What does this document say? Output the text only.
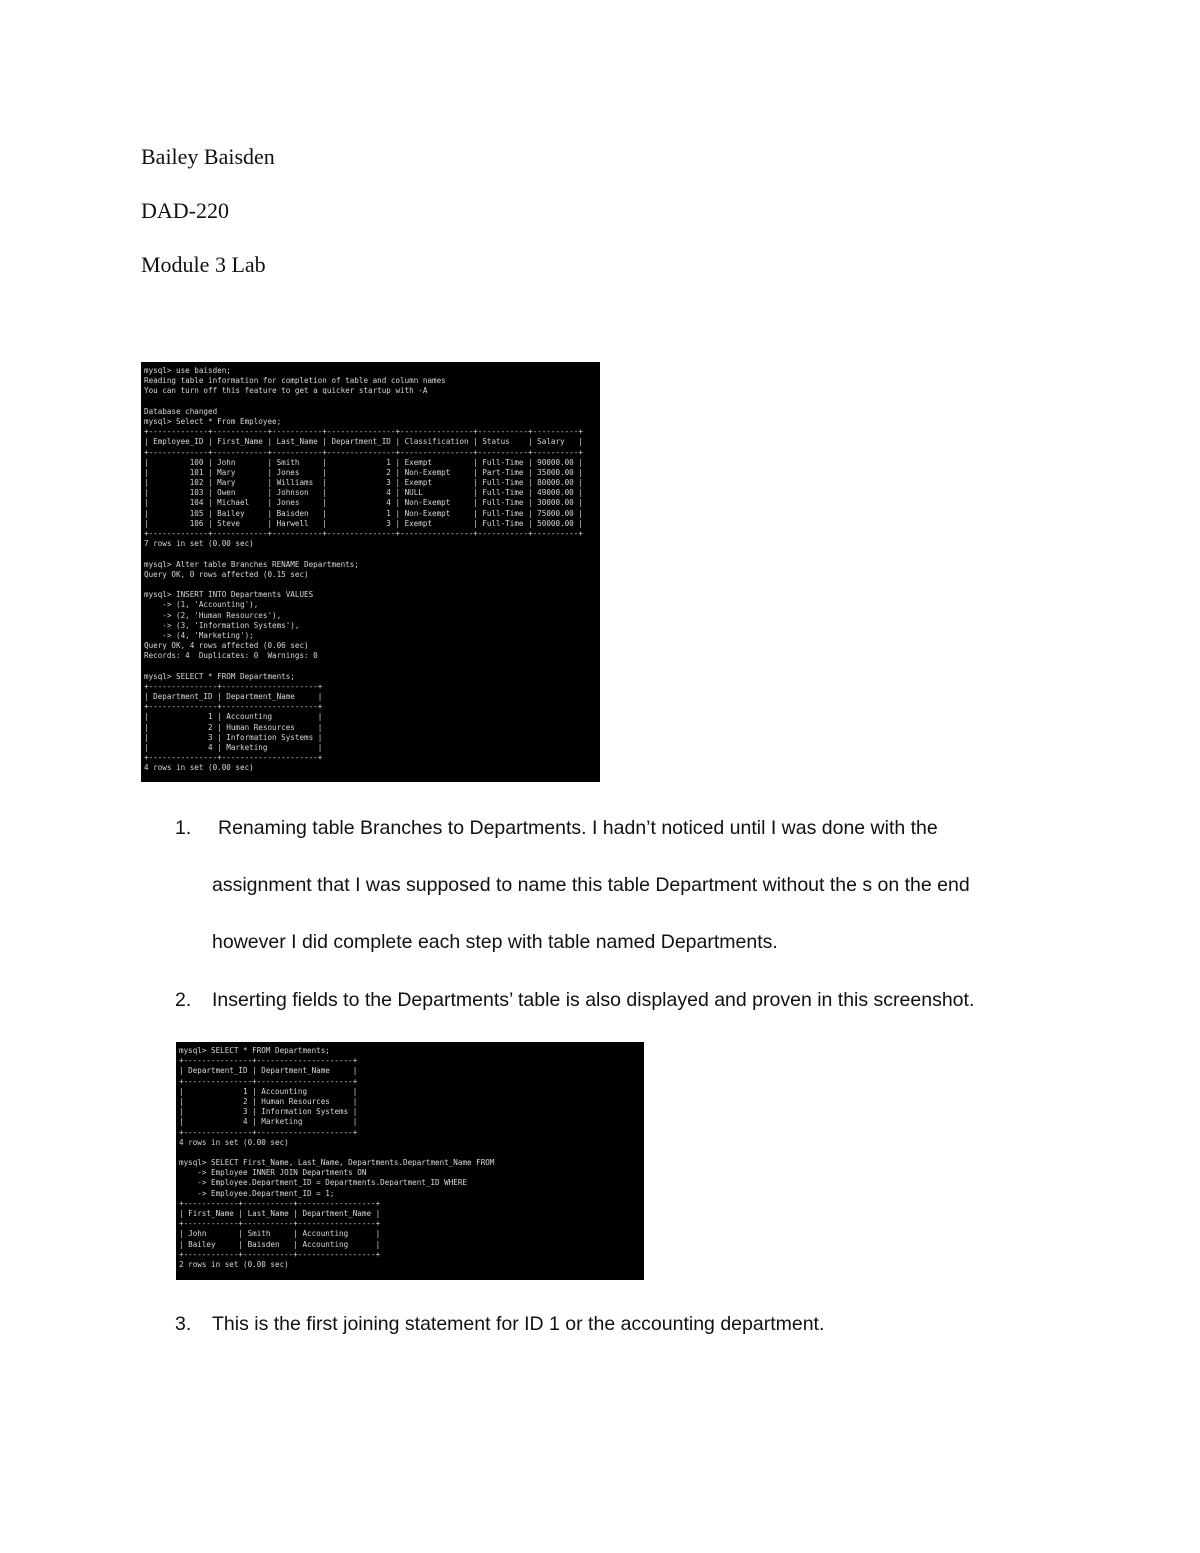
Bailey Baisden
DAD-220
Module 3 Lab
mysql> use baisden;
Reading table information for completion of table and column names
You can turn off this feature to get a quicker startup with -A
Database changed
mysql> Select * From Employee;
+-------------+------------+-----------+---------------+----------------+-----------+----------+
| Employee_ID | First_Name | Last_Name | Department_ID | Classification | Status    | Salary   |
+-------------+------------+-----------+---------------+----------------+-----------+----------+
|         100 | John       | Smith     |             1 | Exempt         | Full-Time | 90000.00 |
|         101 | Mary       | Jones     |             2 | Non-Exempt     | Part-Time | 35000.00 |
|         102 | Mary       | Williams  |             3 | Exempt         | Full-Time | 80000.00 |
|         103 | Owen       | Johnson   |             4 | NULL           | Full-Time | 49000.00 |
|         104 | Michael    | Jones     |             4 | Non-Exempt     | Full-Time | 30000.00 |
|         105 | Bailey     | Baisden   |             1 | Non-Exempt     | Full-Time | 75000.00 |
|         106 | Steve      | Harwell   |             3 | Exempt         | Full-Time | 50000.00 |
+-------------+------------+-----------+---------------+----------------+-----------+----------+
7 rows in set (0.00 sec)
mysql> Alter table Branches RENAME Departments;
Query OK, 0 rows affected (0.15 sec)
mysql> INSERT INTO Departments VALUES
-> (1, 'Accounting'),
-> (2, 'Human Resources'),
-> (3, 'Information Systems'),
-> (4, 'Marketing');
Query OK, 4 rows affected (0.06 sec)
Records: 4  Duplicates: 0  Warnings: 0
mysql> SELECT * FROM Departments;
+---------------+---------------------+
| Department_ID | Department_Name     |
+---------------+---------------------+
|             1 | Accounting          |
|             2 | Human Resources     |
|             3 | Information Systems |
|             4 | Marketing           |
+---------------+---------------------+
4 rows in set (0.00 sec)
1. Renaming table Branches to Departments. I hadn’t noticed until I was done with the
assignment that I was supposed to name this table Department without the s on the end
however I did complete each step with table named Departments.
2. Inserting fields to the Departments’ table is also displayed and proven in this screenshot.
mysql> SELECT * FROM Departments;
+---------------+---------------------+
| Department_ID | Department_Name     |
+---------------+---------------------+
|             1 | Accounting          |
|             2 | Human Resources     |
|             3 | Information Systems |
|             4 | Marketing           |
+---------------+---------------------+
4 rows in set (0.00 sec)
mysql> SELECT First_Name, Last_Name, Departments.Department_Name FROM
-> Employee INNER JOIN Departments ON
-> Employee.Department_ID = Departments.Department_ID WHERE
-> Employee.Department_ID = 1;
+------------+-----------+-----------------+
| First_Name | Last_Name | Department_Name |
+------------+-----------+-----------------+
| John       | Smith     | Accounting      |
| Bailey     | Baisden   | Accounting      |
+------------+-----------+-----------------+
2 rows in set (0.00 sec)
3. This is the first joining statement for ID 1 or the accounting department.
